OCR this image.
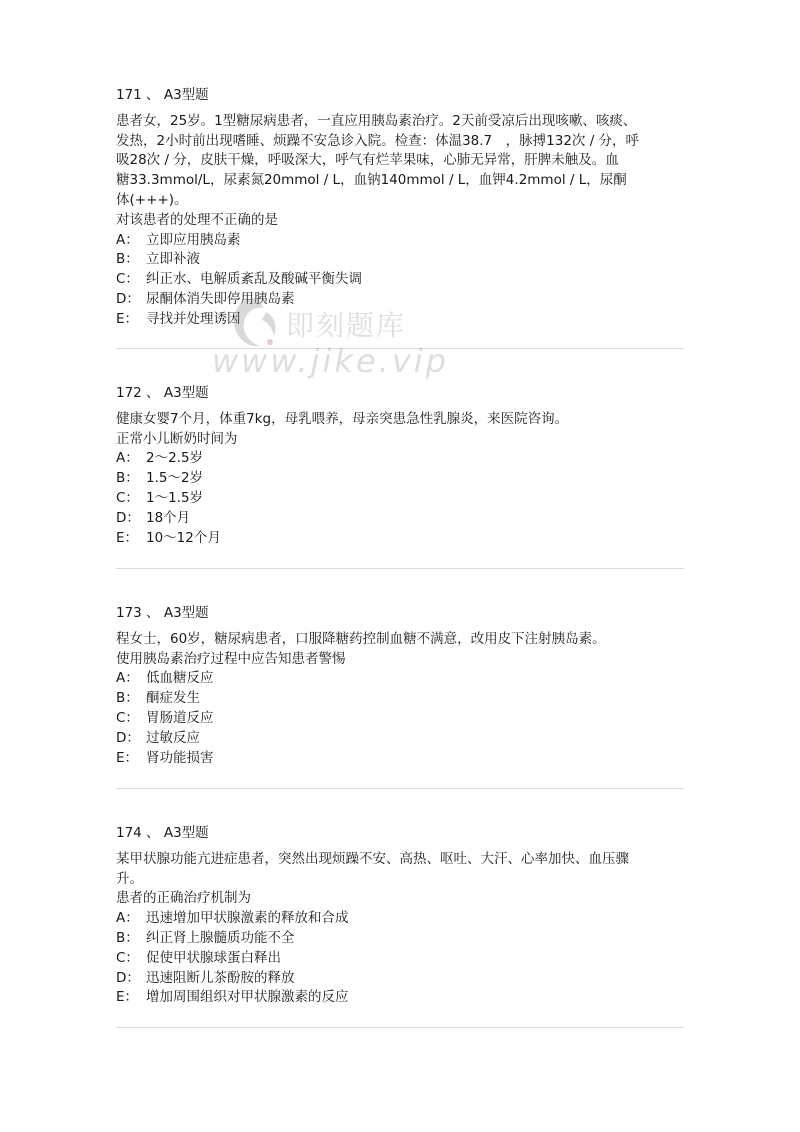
171 、 A3型题

患者女，25岁。1型糖尿病患者，一直应用胰岛素治疗。2天前受凉后出现咳嗽、咳痰、
发热，2小时前出现嗜睡、烦躁不安急诊入院。检查：体温38.7　，脉搏132次 / 分，呼
吸28次 / 分，皮肤干燥，呼吸深大，呼气有烂苹果味，心肺无异常，肝脾未触及。血
糖33.3mmol/L，尿素氮20mmol / L，血钠140mmol / L，血钾4.2mmol / L，尿酮
体(+++)。

对该患者的处理不正确的是

A： 立即应用胰岛素
B： 立即补液
C： 纠正水、电解质紊乱及酸碱平衡失调
D： 尿酮体消失即停用胰岛素
E： 寻找并处理诱因

172 、 A3型题

健康女婴7个月，体重7kg，母乳喂养，母亲突患急性乳腺炎，来医院咨询。

正常小儿断奶时间为

A： 2～2.5岁
B： 1.5～2岁
C： 1～1.5岁
D： 18个月
E： 10～12个月

173 、 A3型题

程女士，60岁，糖尿病患者，口服降糖药控制血糖不满意，改用皮下注射胰岛素。

使用胰岛素治疗过程中应告知患者警惕

A： 低血糖反应
B： 酮症发生
C： 胃肠道反应
D： 过敏反应
E： 肾功能损害

174 、 A3型题

某甲状腺功能亢进症患者，突然出现烦躁不安、高热、呕吐、大汗、心率加快、血压骤
升。

患者的正确治疗机制为

A： 迅速增加甲状腺激素的释放和合成
B： 纠正肾上腺髓质功能不全
C： 促使甲状腺球蛋白释出
D： 迅速阻断儿茶酚胺的释放
E： 增加周围组织对甲状腺激素的反应
即刻题库
www.jike.vip
